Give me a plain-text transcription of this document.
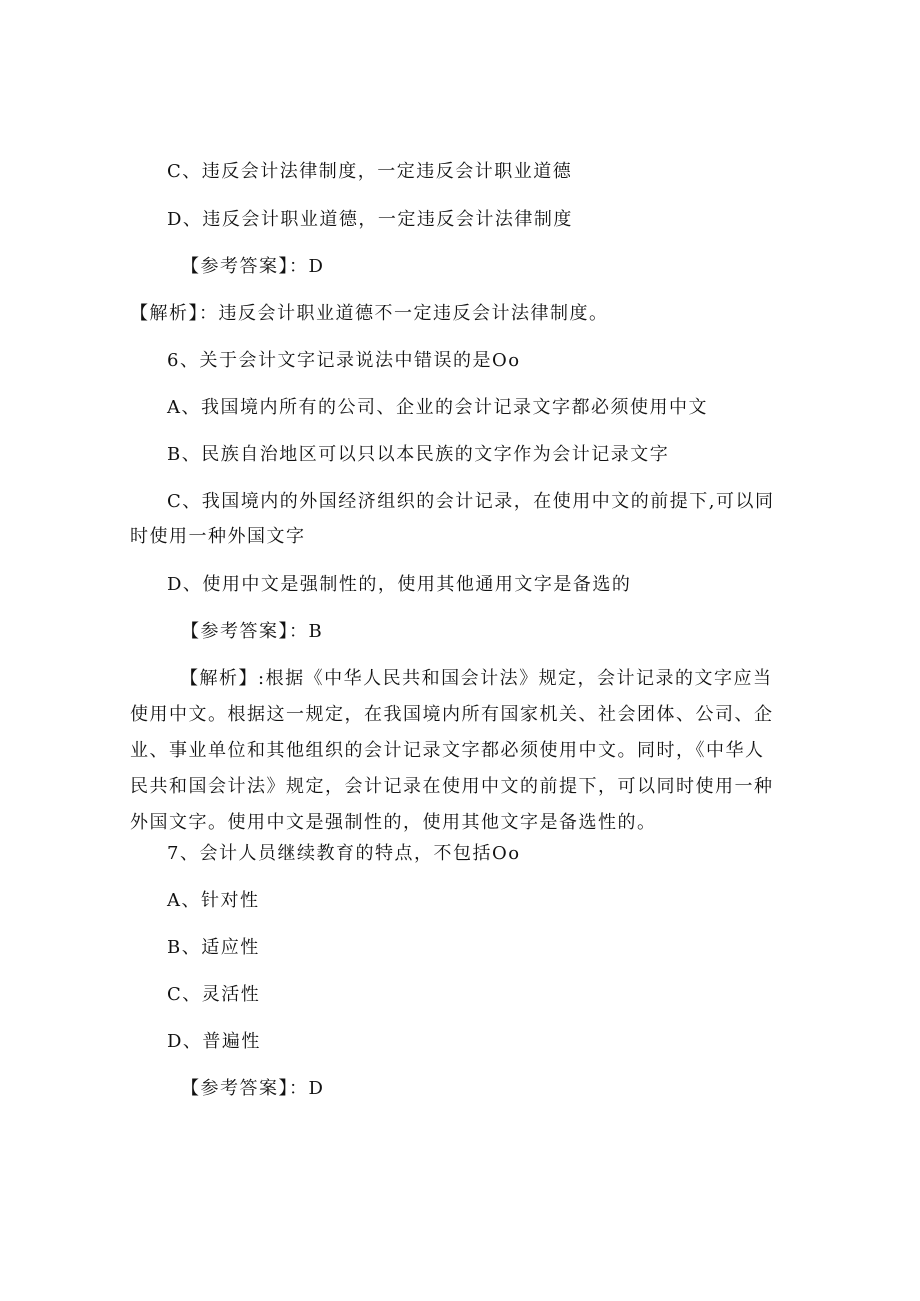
C、违反会计法律制度，一定违反会计职业道德
D、违反会计职业道德，一定违反会计法律制度
【参考答案】：D
【解析】：违反会计职业道德不一定违反会计法律制度。
6、关于会计文字记录说法中错误的是Oo
A、我国境内所有的公司、企业的会计记录文字都必须使用中文
B、民族自治地区可以只以本民族的文字作为会计记录文字
C、我国境内的外国经济组织的会计记录，在使用中文的前提下,可以同
时使用一种外国文字
D、使用中文是强制性的，使用其他通用文字是备选的
【参考答案】：B
【解析】:根据《中华人民共和国会计法》规定，会计记录的文字应当
使用中文。根据这一规定，在我国境内所有国家机关、社会团体、公司、企
业、事业单位和其他组织的会计记录文字都必须使用中文。同时，《中华人
民共和国会计法》规定，会计记录在使用中文的前提下，可以同时使用一种
外国文字。使用中文是强制性的，使用其他文字是备选性的。
7、会计人员继续教育的特点，不包括Oo
A、针对性
B、适应性
C、灵活性
D、普遍性
【参考答案】：D
